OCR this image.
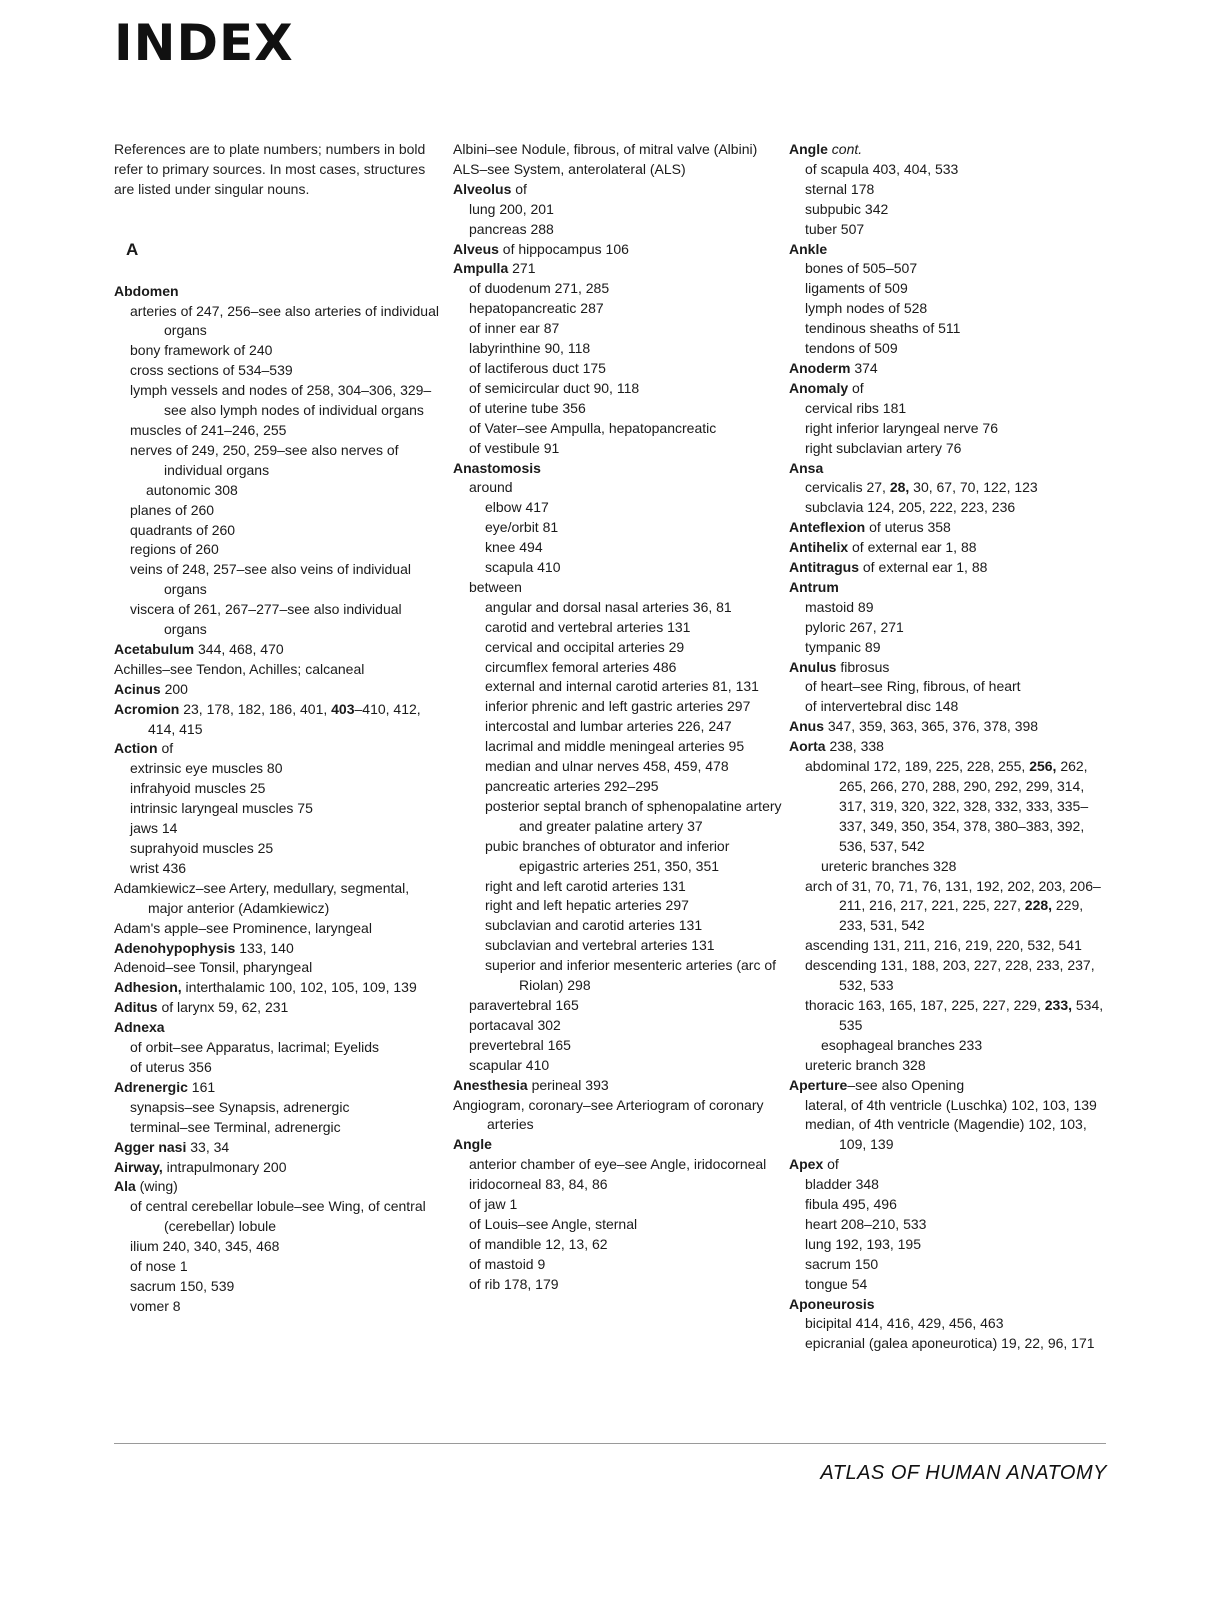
INDEX
References are to plate numbers; numbers in bold refer to primary sources. In most cases, structures are listed under singular nouns.
A
Abdomen
arteries of 247, 256–see also arteries of individual organs
bony framework of 240
cross sections of 534–539
lymph vessels and nodes of 258, 304–306, 329–see also lymph nodes of individual organs
muscles of 241–246, 255
nerves of 249, 250, 259–see also nerves of individual organs
autonomic 308
planes of 260
quadrants of 260
regions of 260
veins of 248, 257–see also veins of individual organs
viscera of 261, 267–277–see also individual organs
Acetabulum 344, 468, 470
Achilles–see Tendon, Achilles; calcaneal
Acinus 200
Acromion 23, 178, 182, 186, 401, 403–410, 412, 414, 415
Action of
extrinsic eye muscles 80
infrahyoid muscles 25
intrinsic laryngeal muscles 75
jaws 14
suprahyoid muscles 25
wrist 436
Adamkiewicz–see Artery, medullary, segmental, major anterior (Adamkiewicz)
Adam's apple–see Prominence, laryngeal
Adenohypophysis 133, 140
Adenoid–see Tonsil, pharyngeal
Adhesion, interthalamic 100, 102, 105, 109, 139
Aditus of larynx 59, 62, 231
Adnexa
of orbit–see Apparatus, lacrimal; Eyelids
of uterus 356
Adrenergic 161
synapsis–see Synapsis, adrenergic
terminal–see Terminal, adrenergic
Agger nasi 33, 34
Airway, intrapulmonary 200
Ala (wing)
of central cerebellar lobule–see Wing, of central (cerebellar) lobule
ilium 240, 340, 345, 468
of nose 1
sacrum 150, 539
vomer 8
Albini–see Nodule, fibrous, of mitral valve (Albini)
ALS–see System, anterolateral (ALS)
Alveolus of
lung 200, 201
pancreas 288
Alveus of hippocampus 106
Ampulla 271
of duodenum 271, 285
hepatopancreatic 287
of inner ear 87
labyrinthine 90, 118
of lactiferous duct 175
of semicircular duct 90, 118
of uterine tube 356
of Vater–see Ampulla, hepatopancreatic
of vestibule 91
Anastomosis
around
elbow 417
eye/orbit 81
knee 494
scapula 410
between
angular and dorsal nasal arteries 36, 81
carotid and vertebral arteries 131
cervical and occipital arteries 29
circumflex femoral arteries 486
external and internal carotid arteries 81, 131
inferior phrenic and left gastric arteries 297
intercostal and lumbar arteries 226, 247
lacrimal and middle meningeal arteries 95
median and ulnar nerves 458, 459, 478
pancreatic arteries 292–295
posterior septal branch of sphenopalatine artery and greater palatine artery 37
pubic branches of obturator and inferior epigastric arteries 251, 350, 351
right and left carotid arteries 131
right and left hepatic arteries 297
subclavian and carotid arteries 131
subclavian and vertebral arteries 131
superior and inferior mesenteric arteries (arc of Riolan) 298
paravertebral 165
portacaval 302
prevertebral 165
scapular 410
Anesthesia perineal 393
Angiogram, coronary–see Arteriogram of coronary arteries
Angle
anterior chamber of eye–see Angle, iridocorneal
iridocorneal 83, 84, 86
of jaw 1
of Louis–see Angle, sternal
of mandible 12, 13, 62
of mastoid 9
of rib 178, 179
Angle cont.
of scapula 403, 404, 533
sternal 178
subpubic 342
tuber 507
Ankle
bones of 505–507
ligaments of 509
lymph nodes of 528
tendinous sheaths of 511
tendons of 509
Anoderm 374
Anomaly of
cervical ribs 181
right inferior laryngeal nerve 76
right subclavian artery 76
Ansa
cervicalis 27, 28, 30, 67, 70, 122, 123
subclavia 124, 205, 222, 223, 236
Anteflexion of uterus 358
Antihelix of external ear 1, 88
Antitragus of external ear 1, 88
Antrum
mastoid 89
pyloric 267, 271
tympanic 89
Anulus fibrosus
of heart–see Ring, fibrous, of heart
of intervertebral disc 148
Anus 347, 359, 363, 365, 376, 378, 398
Aorta 238, 338
abdominal 172, 189, 225, 228, 255, 256, 262, 265, 266, 270, 288, 290, 292, 299, 314, 317, 319, 320, 322, 328, 332, 333, 335–337, 349, 350, 354, 378, 380–383, 392, 536, 537, 542
ureteric branches 328
arch of 31, 70, 71, 76, 131, 192, 202, 203, 206–211, 216, 217, 221, 225, 227, 228, 229, 233, 531, 542
ascending 131, 211, 216, 219, 220, 532, 541
descending 131, 188, 203, 227, 228, 233, 237, 532, 533
thoracic 163, 165, 187, 225, 227, 229, 233, 534, 535
esophageal branches 233
ureteric branch 328
Aperture–see also Opening
lateral, of 4th ventricle (Luschka) 102, 103, 139
median, of 4th ventricle (Magendie) 102, 103, 109, 139
Apex of
bladder 348
fibula 495, 496
heart 208–210, 533
lung 192, 193, 195
sacrum 150
tongue 54
Aponeurosis
bicipital 414, 416, 429, 456, 463
epicranial (galea aponeurotica) 19, 22, 96, 171
ATLAS OF HUMAN ANATOMY
